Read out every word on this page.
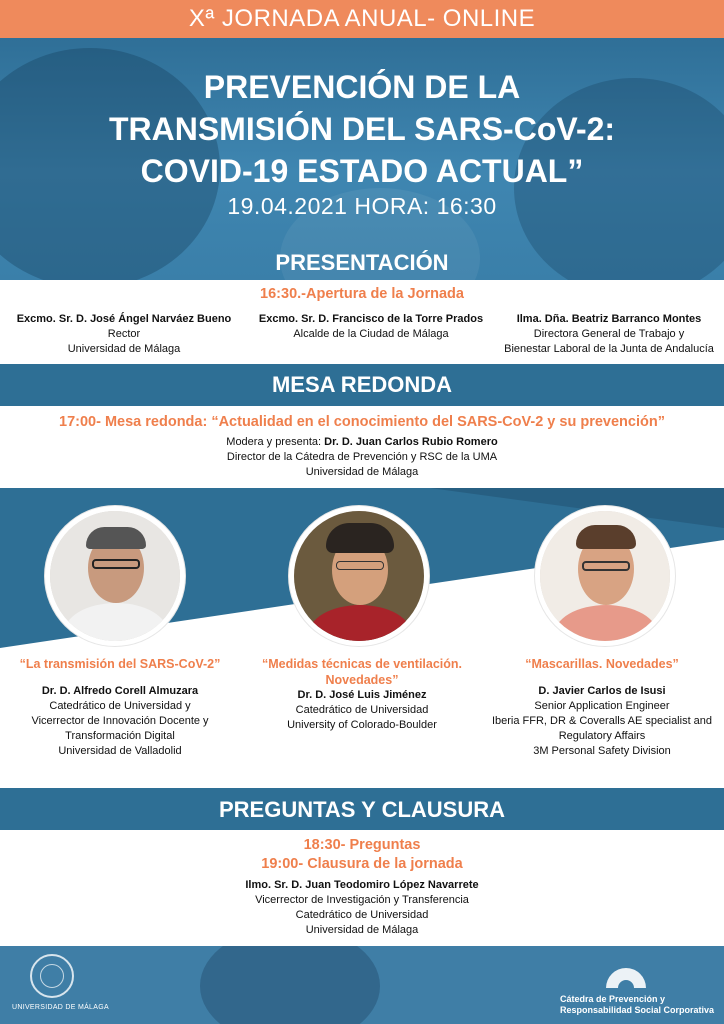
Xª JORNADA ANUAL- ONLINE
PREVENCIÓN DE LA
TRANSMISIÓN DEL SARS-CoV-2:
COVID-19 ESTADO ACTUAL”
19.04.2021 HORA: 16:30
PRESENTACIÓN
16:30.-Apertura de la Jornada
Excmo. Sr. D. José Ángel Narváez Bueno
Rector
Universidad de Málaga
Excmo. Sr. D. Francisco de la Torre Prados
Alcalde de la Ciudad de Málaga
Ilma. Dña. Beatriz Barranco Montes
Directora General de Trabajo y
Bienestar Laboral de la Junta de Andalucía
MESA REDONDA
17:00- Mesa redonda: “Actualidad en el conocimiento del SARS-CoV-2 y su prevención”
Modera y presenta: Dr. D. Juan Carlos Rubio Romero
Director de la Cátedra de Prevención y RSC de la UMA
Universidad de Málaga
“La transmisión del SARS-CoV-2”
Dr. D. Alfredo Corell Almuzara
Catedrático de Universidad y
Vicerrector de Innovación Docente y
Transformación Digital
Universidad de Valladolid
“Medidas técnicas de ventilación.
Novedades”
Dr. D. José Luis Jiménez
Catedrático de Universidad
University of Colorado-Boulder
“Mascarillas. Novedades”
D. Javier Carlos de Isusi
Senior Application Engineer
Iberia FFR, DR & Coveralls AE specialist and
Regulatory Affairs
3M Personal Safety Division
PREGUNTAS Y CLAUSURA
18:30- Preguntas
19:00- Clausura de la jornada
Ilmo. Sr. D. Juan Teodomiro López Navarrete
Vicerrector de Investigación y Transferencia
Catedrático de Universidad
Universidad de Málaga
UNIVERSIDAD DE MÁLAGA
Cátedra de Prevención y
Responsabilidad Social Corporativa
